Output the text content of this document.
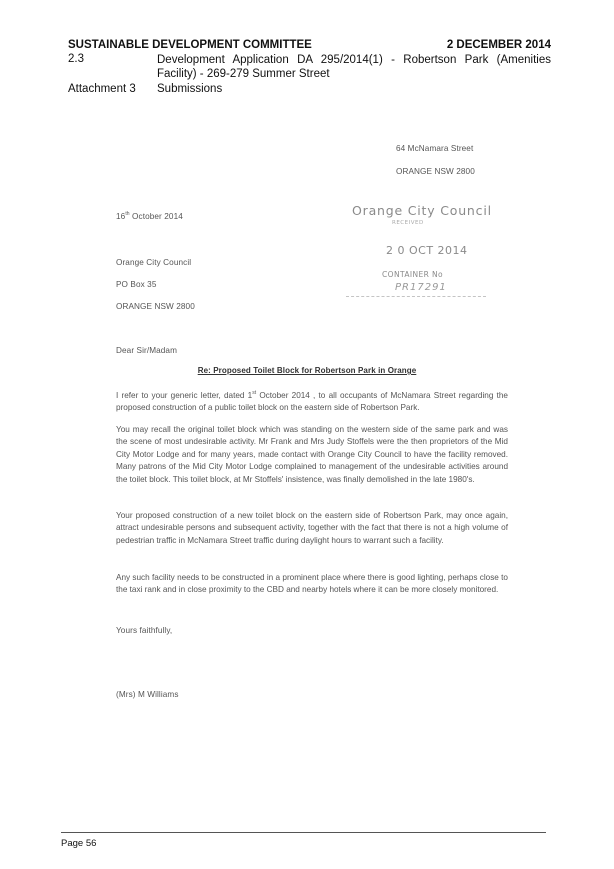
SUSTAINABLE DEVELOPMENT COMMITTEE	2 DECEMBER 2014
2.3	Development Application DA 295/2014(1) - Robertson Park (Amenities Facility) - 269-279 Summer Street
Attachment 3 Submissions
64 McNamara Street
ORANGE NSW 2800
16th October 2014	Orange City Council
RECEIVED
2 0 OCT 2014
CONTAINER No
PR17291
Orange City Council
PO Box 35
ORANGE NSW 2800
Dear Sir/Madam
Re: Proposed Toilet Block for Robertson Park in Orange
I refer to your generic letter, dated 1st October 2014 , to all occupants of McNamara Street regarding the proposed construction of a public toilet block on the eastern side of Robertson Park.
You may recall the original toilet block which was standing on the western side of the same park and was the scene of most undesirable activity. Mr Frank and Mrs Judy Stoffels were the then proprietors of the Mid City Motor Lodge and for many years, made contact with Orange City Council to have the facility removed. Many patrons of the Mid City Motor Lodge complained to management of the undesirable activities around the toilet block. This toilet block, at Mr Stoffels' insistence, was finally demolished in the late 1980's.
Your proposed construction of a new toilet block on the eastern side of Robertson Park, may once again, attract undesirable persons and subsequent activity, together with the fact that there is not a high volume of pedestrian traffic in McNamara Street traffic during daylight hours to warrant such a facility.
Any such facility needs to be constructed in a prominent place where there is good lighting, perhaps close to the taxi rank and in close proximity to the CBD and nearby hotels where it can be more closely monitored.
Yours faithfully,
(Mrs) M Williams
Page 56
